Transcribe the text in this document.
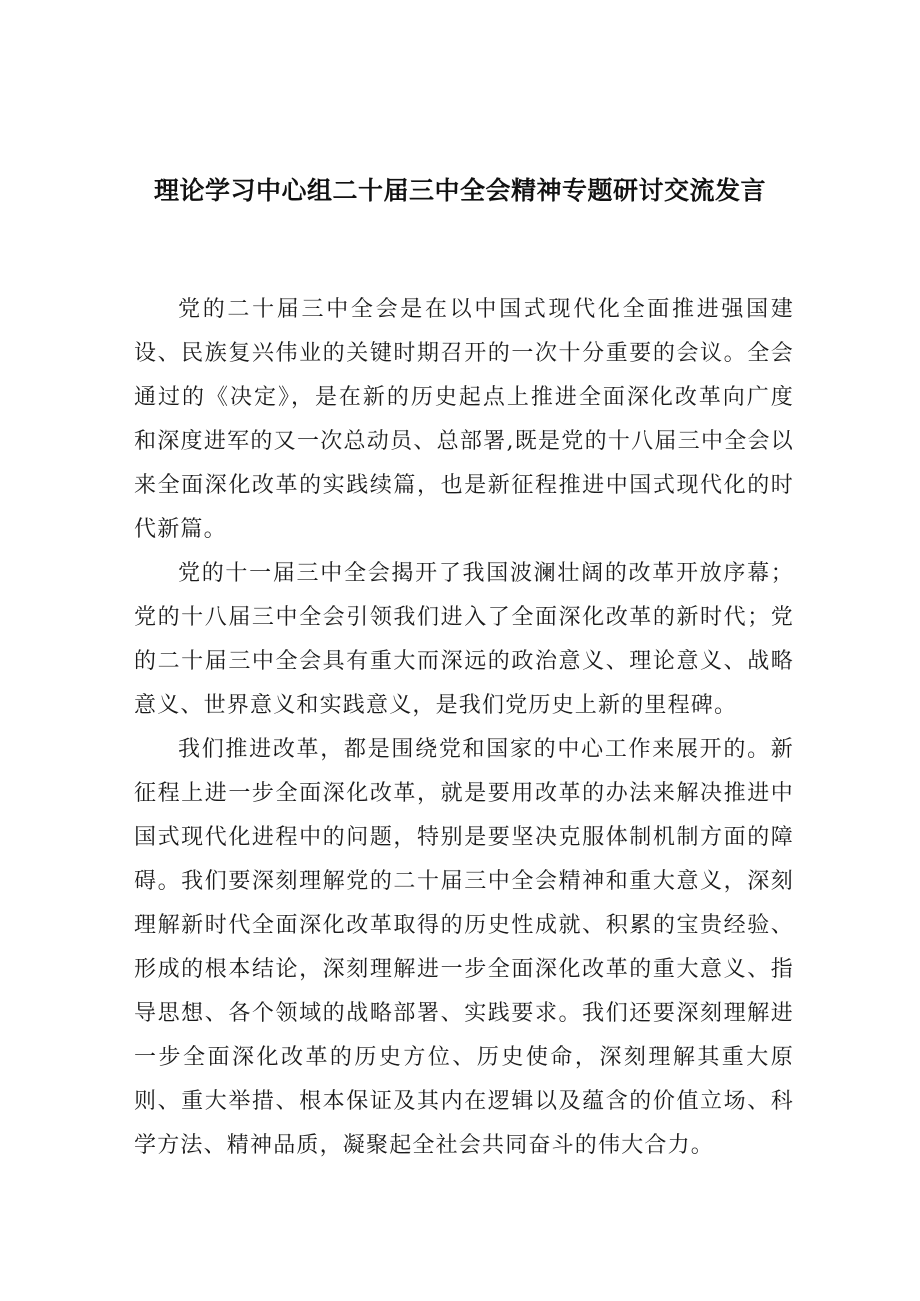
理论学习中心组二十届三中全会精神专题研讨交流发言

党的二十届三中全会是在以中国式现代化全面推进强国建设、民族复兴伟业的关键时期召开的一次十分重要的会议。全会通过的《决定》，是在新的历史起点上推进全面深化改革向广度和深度进军的又一次总动员、总部署,既是党的十八届三中全会以来全面深化改革的实践续篇，也是新征程推进中国式现代化的时代新篇。

党的十一届三中全会揭开了我国波澜壮阔的改革开放序幕；党的十八届三中全会引领我们进入了全面深化改革的新时代；党的二十届三中全会具有重大而深远的政治意义、理论意义、战略意义、世界意义和实践意义，是我们党历史上新的里程碑。

我们推进改革，都是围绕党和国家的中心工作来展开的。新征程上进一步全面深化改革，就是要用改革的办法来解决推进中国式现代化进程中的问题，特别是要坚决克服体制机制方面的障碍。我们要深刻理解党的二十届三中全会精神和重大意义，深刻理解新时代全面深化改革取得的历史性成就、积累的宝贵经验、形成的根本结论，深刻理解进一步全面深化改革的重大意义、指导思想、各个领域的战略部署、实践要求。我们还要深刻理解进一步全面深化改革的历史方位、历史使命，深刻理解其重大原则、重大举措、根本保证及其内在逻辑以及蕴含的价值立场、科学方法、精神品质，凝聚起全社会共同奋斗的伟大合力。
